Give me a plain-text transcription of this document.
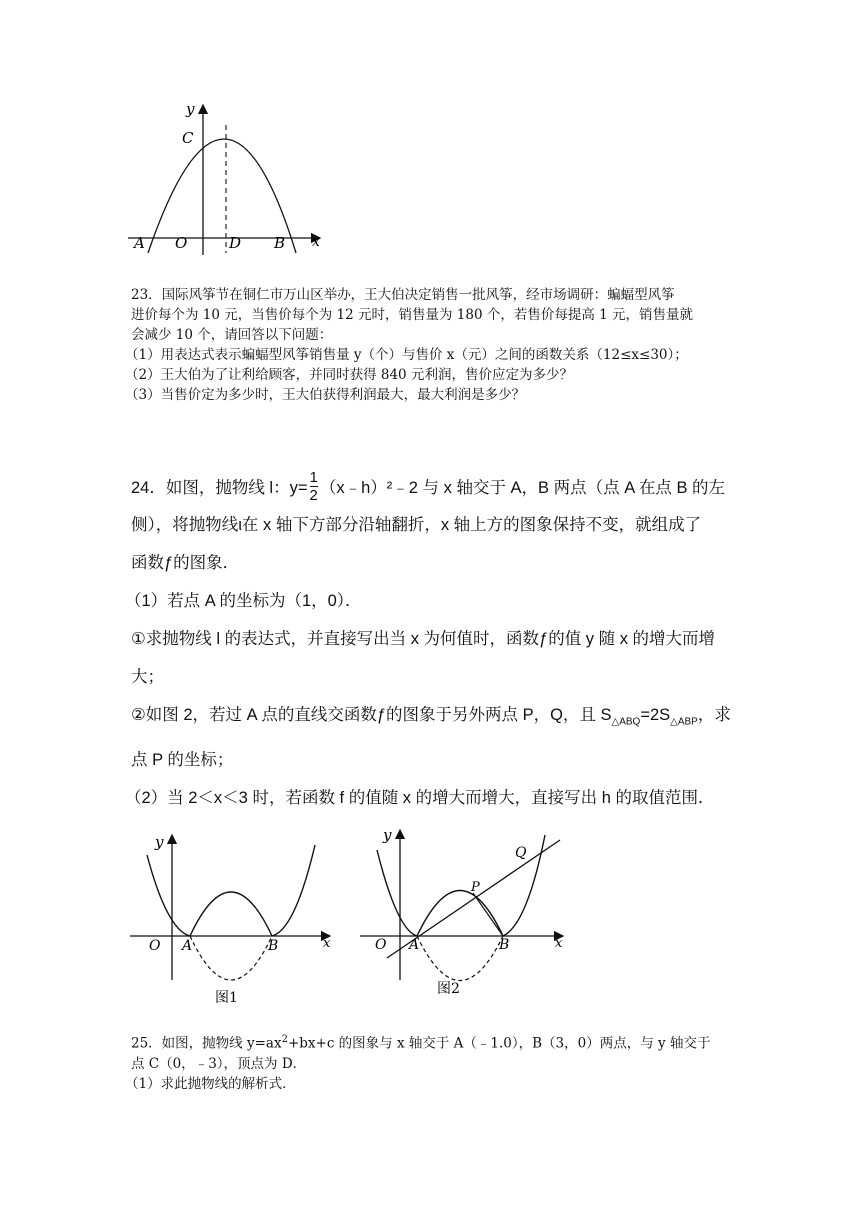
y
C
A O	D B x
23．国际风筝节在铜仁市万山区举办，王大伯决定销售一批风筝，经市场调研：蝙蝠型风筝
进价每个为 10 元，当售价每个为 12 元时，销售量为 180 个，若售价每提高 1 元，销售量就
会减少 10 个，请回答以下问题：
（1）用表达式表示蝙蝠型风筝销售量 y（个）与售价 x（元）之间的函数关系（12≤x≤30）；
（2）王大伯为了让利给顾客，并同时获得 840 元利润，售价应定为多少？
（3）当售价定为多少时，王大伯获得利润最大，最大利润是多少？
24．如图，抛物线 l：$y= \frac{1}{2}$ （x﹣h）²﹣2 与 x 轴交于 A，B 两点（点 A 在点 B 的左
侧），将抛物线ι在 x 轴下方部分沿轴翻折，x 轴上方的图象保持不变，就组成了
函数ƒ的图象．
（1）若点 A 的坐标为（1，0）．
①求抛物线 l 的表达式，并直接写出当 x 为何值时，函数ƒ的值 y 随 x 的增大而增
大；
②如图 2，若过 A 点的直线交函数ƒ的图象于另外两点 P，Q，且 $S_{\triangle ABQ}=2S_{\triangle ABP}$，求
点 P 的坐标；
（2）当 2＜x＜3 时，若函数 f 的值随 x 的增大而增大，直接写出 h 的取值范围．
y
O A	B	x
图1
y
O A	B
P
Q
x
图2
25．如图，抛物线 $y=ax^2+bx+c$ 的图象与 x 轴交于 A（﹣1.0），B（3，0）两点，与 y 轴交于
点 C（0，﹣3），顶点为 D．
（1）求此抛物线的解析式．
